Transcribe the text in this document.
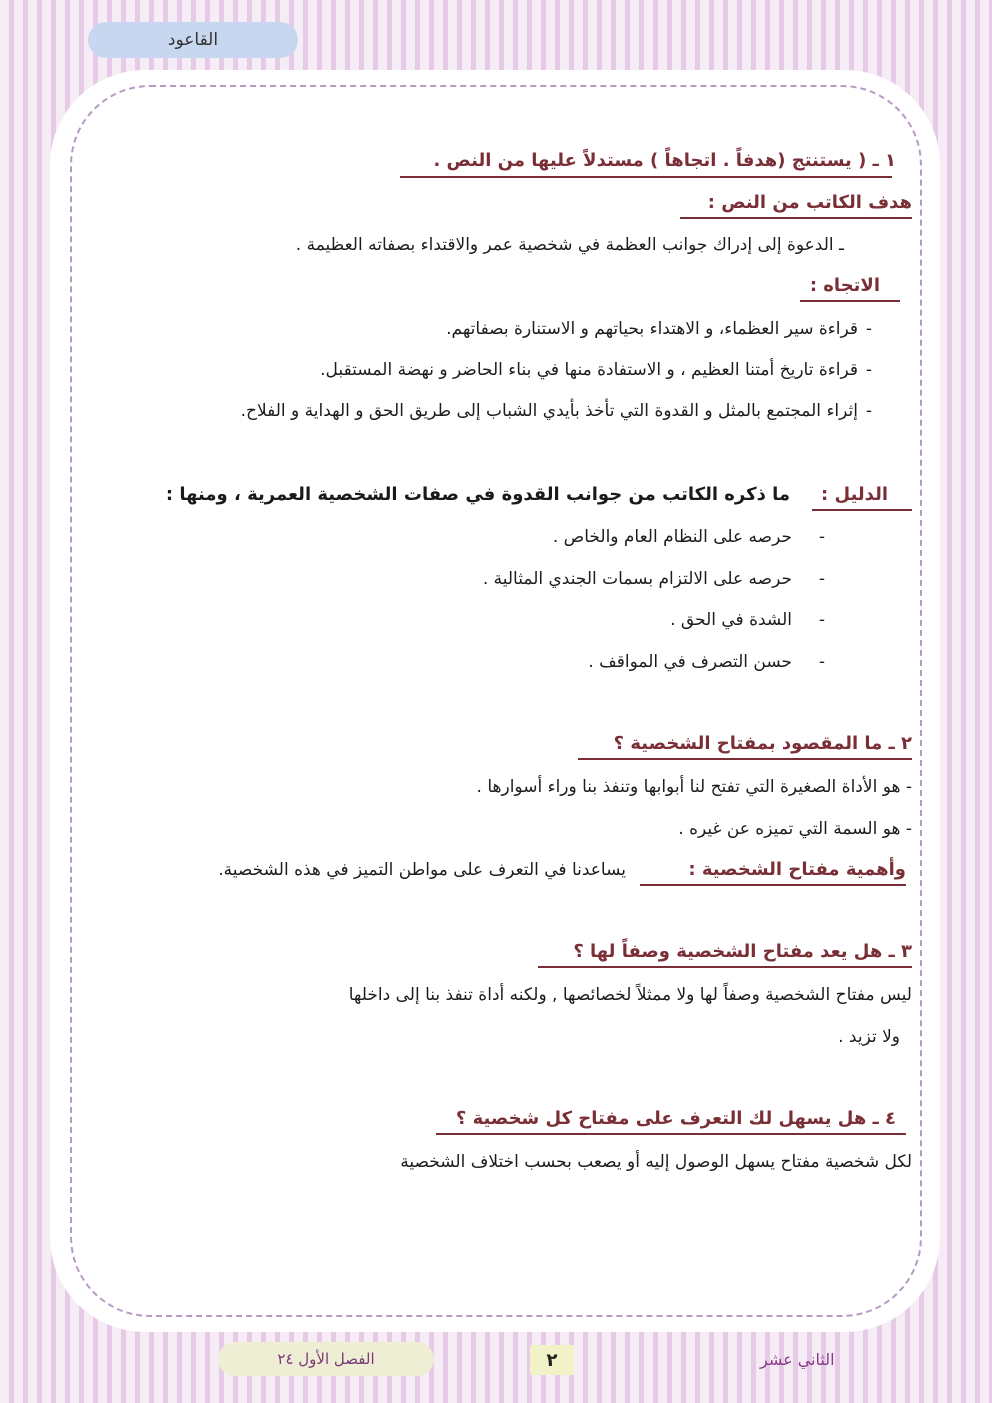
القاعود
١ ـ ( يستنتج (هدفاً . اتجاهاً ) مستدلاً عليها من النص .
هدف الكاتب من النص :
ـ الدعوة إلى إدراك جوانب العظمة في شخصية عمر والاقتداء بصفاته العظيمة .
الاتجاه :
-قراءة سير العظماء، و الاهتداء بحياتهم و الاستنارة بصفاتهم.
-قراءة تاريخ أمتنا العظيم ، و الاستفادة منها في بناء الحاضر و نهضة المستقبل.
-إثراء المجتمع بالمثل و القدوة التي تأخذ بأيدي الشباب إلى طريق الحق و الهداية و الفلاح.
الدليل :
ما ذكره الكاتب من جوانب القدوة في صفات الشخصية العمرية ، ومنها :
-حرصه على النظام العام والخاص .
-حرصه على الالتزام بسمات الجندي المثالية .
-الشدة في الحق .
-حسن التصرف في المواقف .
٢ ـ ما المقصود بمفتاح الشخصية ؟
- هو الأداة الصغيرة التي تفتح لنا أبوابها وتنفذ بنا وراء أسوارها .
- هو السمة التي تميزه عن غيره .
وأهمية مفتاح الشخصية :
يساعدنا في التعرف على مواطن التميز في هذه الشخصية.
٣ ـ هل يعد مفتاح الشخصية وصفاً لها ؟
ليس مفتاح الشخصية وصفاً لها ولا ممثلاً لخصائصها , ولكنه أداة تنفذ بنا إلى داخلها
ولا تزيد .
٤ ـ هل يسهل لك التعرف على مفتاح كل شخصية ؟
لكل شخصية مفتاح يسهل الوصول إليه أو يصعب بحسب اختلاف الشخصية
الفصل الأول ٢٤	٢	الثاني عشر
